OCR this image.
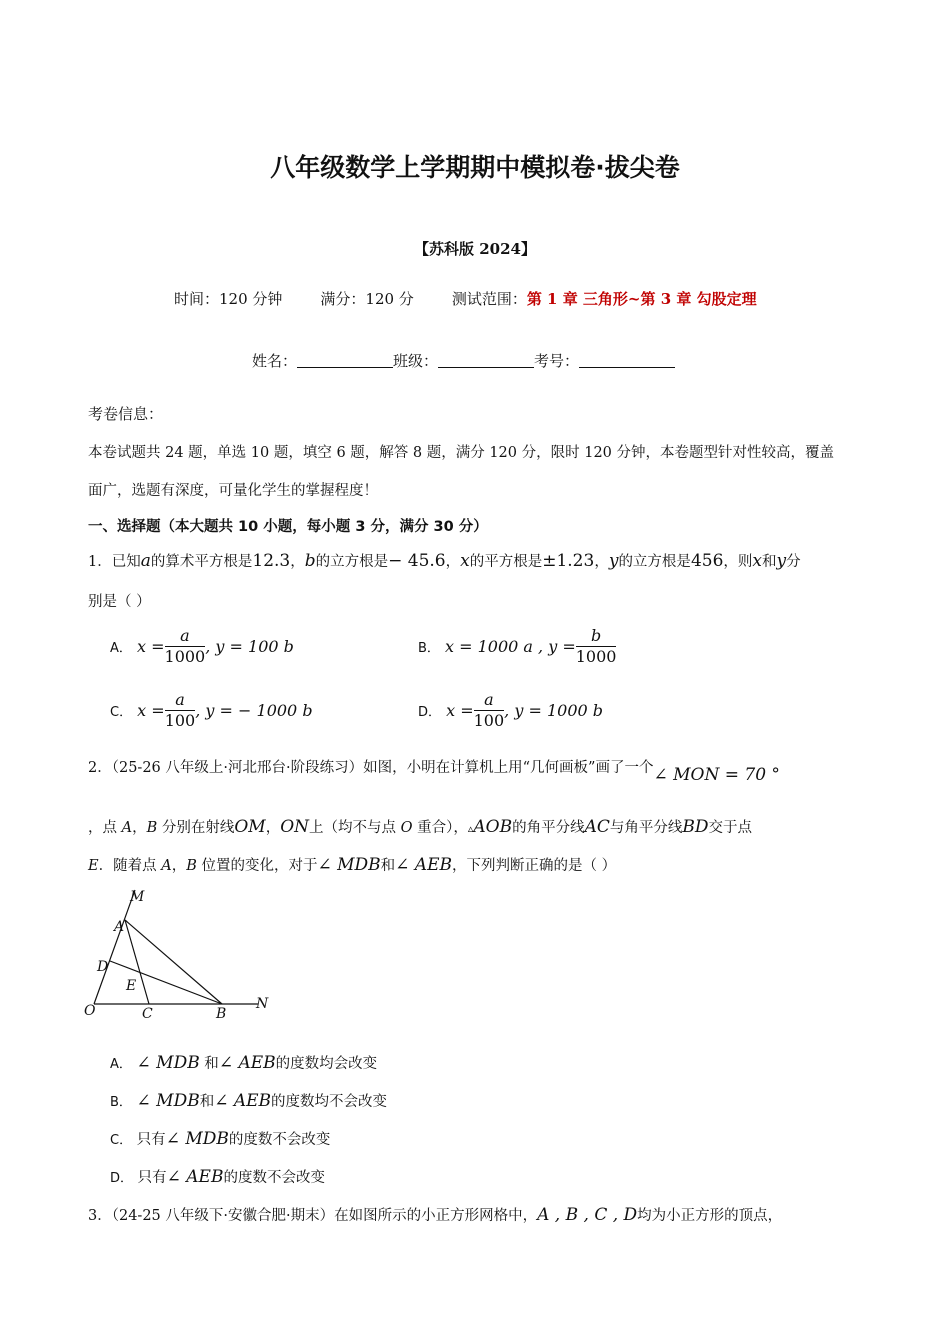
八年级数学上学期期中模拟卷·拔尖卷
【苏科版 2024】
时间：120 分钟	满分：120 分	测试范围：第 1 章 三角形~第 3 章 勾股定理
姓名：	班级：	考号：
考卷信息：
本卷试题共 24 题，单选 10 题，填空 6 题，解答 8 题，满分 120 分，限时 120 分钟，本卷题型针对性较高，覆盖
面广，选题有深度，可量化学生的掌握程度！
一、选择题（本大题共 10 小题，每小题 3 分，满分 30 分）
1．已知a的算术平方根是12.3，b的立方根是− 45.6，x的平方根是±1.23，y的立方根是456，则x和y分
别是（ ）
A．
$x = \frac{a}{1000}$ , y = 100 b	B．
x = 1000 a , $y = \frac{b}{1000}$
C．
$x = \frac{a}{100}$ , y = − 1000 b	D．
$x = \frac{a}{100}$ , y = 1000 b
2．（25-26 八年级上·河北邢台·阶段练习）如图，小明在计算机上用“几何画板”画了一个∠ MON = 70 °
，点 A，B 分别在射线OM，ON上（均不与点 O 重合），▵AOB的角平分线AC与角平分线BD交于点
E．随着点 A，B 位置的变化，对于∠ MDB和∠ AEB，下列判断正确的是（ ）
M
A
D
E
O	C	B
N
A． ∠ MDB 和∠ AEB的度数均会改变
B． ∠ MDB和∠ AEB的度数均不会改变
C． 只有∠ MDB的度数不会改变
D． 只有∠ AEB的度数不会改变
3．（24-25 八年级下·安徽合肥·期末）在如图所示的小正方形网格中，A , B , C , D均为小正方形的顶点，
